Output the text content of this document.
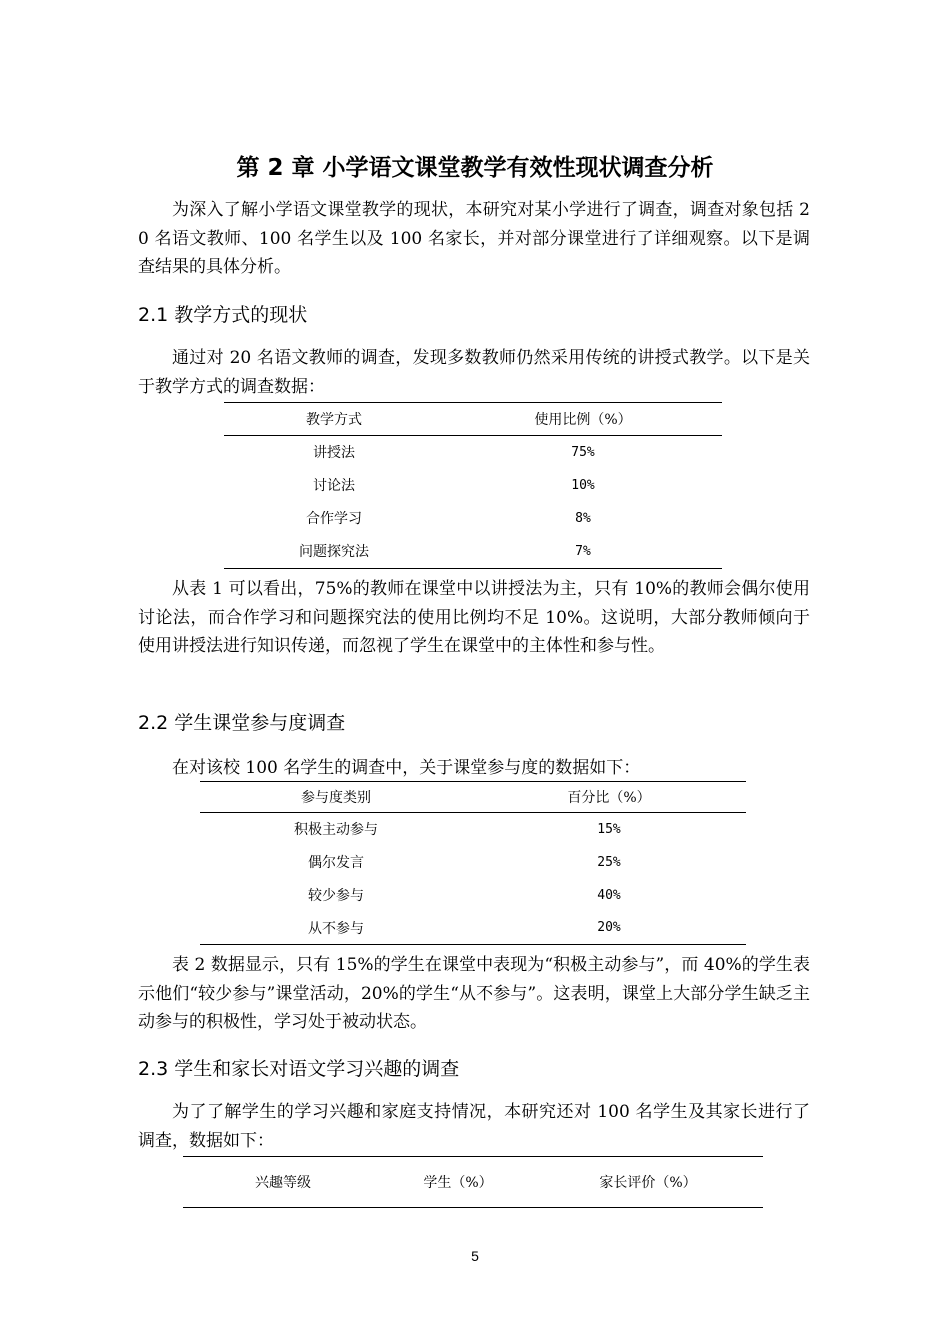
第 2 章 小学语文课堂教学有效性现状调查分析

为深入了解小学语文课堂教学的现状，本研究对某小学进行了调查，调查对象包括 20 名语文教师、100 名学生以及 100 名家长，并对部分课堂进行了详细观察。以下是调查结果的具体分析。

2.1 教学方式的现状

通过对 20 名语文教师的调查，发现多数教师仍然采用传统的讲授式教学。以下是关于教学方式的调查数据：

教学方式	使用比例（%）
讲授法	75%
讨论法	10%
合作学习	8%
问题探究法	7%

从表 1 可以看出，75%的教师在课堂中以讲授法为主，只有 10%的教师会偶尔使用讨论法，而合作学习和问题探究法的使用比例均不足 10%。这说明，大部分教师倾向于使用讲授法进行知识传递，而忽视了学生在课堂中的主体性和参与性。

2.2 学生课堂参与度调查

在对该校 100 名学生的调查中，关于课堂参与度的数据如下：

参与度类别	百分比（%）
积极主动参与	15%
偶尔发言	25%
较少参与	40%
从不参与	20%

表 2 数据显示，只有 15%的学生在课堂中表现为“积极主动参与”，而 40%的学生表示他们“较少参与”课堂活动，20%的学生“从不参与”。这表明，课堂上大部分学生缺乏主动参与的积极性，学习处于被动状态。

2.3 学生和家长对语文学习兴趣的调查

为了了解学生的学习兴趣和家庭支持情况，本研究还对 100 名学生及其家长进行了调查，数据如下：

兴趣等级	学生（%）	家长评价（%）

5
